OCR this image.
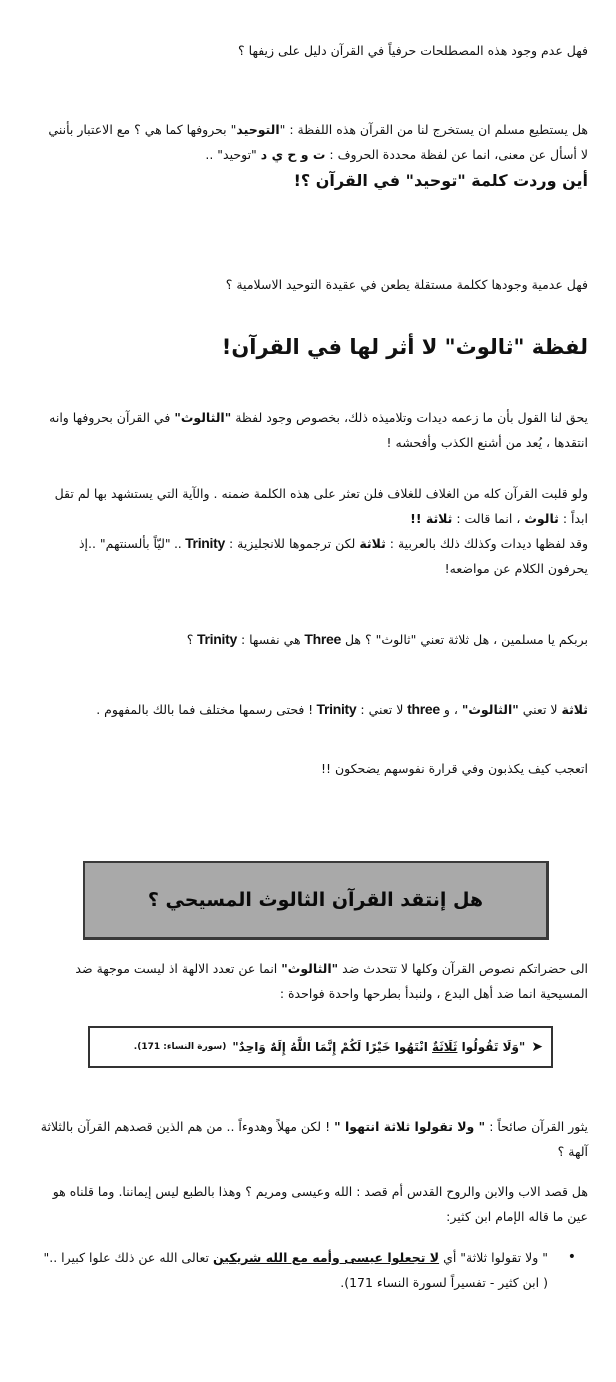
فهل عدم وجود هذه المصطلحات حرفياً في القرآن دليل على زيفها ؟
هل يستطيع مسلم ان يستخرج لنا من القرآن هذه اللفظة : "التوحيد" بحروفها كما هي ؟ مع الاعتبار بأنني لا أسأل عن معنى، انما عن لفظة محددة الحروف : ت و ح ي د "توحيد" ..
أين وردت كلمة "توحيد" في القرآن ؟!
فهل عدمية وجودها ككلمة مستقلة يطعن في عقيدة التوحيد الاسلامية ؟
لفظة "ثالوث" لا أثر لها في القرآن!
يحق لنا القول بأن ما زعمه ديدات وتلاميذه ذلك، بخصوص وجود لفظة "الثالوث" في القرآن بحروفها وانه انتقدها ، يُعد من أشنع الكذب وأفحشه !
ولو قلبت القرآن كله من الغلاف للغلاف فلن تعثر على هذه الكلمة ضمنه . والآية التي يستشهد بها لم تقل ابداً : ثالوث ، انما قالت : ثلاثة !!
وقد لفظها ديدات وكذلك ذلك بالعربية : ثلاثة لكن ترجموها للانجليزية : Trinity .. "ليّاً بألسنتهم" ..إذ يحرفون الكلام عن مواضعه!
بربكم يا مسلمين ، هل ثلاثة تعني "ثالوث" ؟ هل Three هي نفسها : Trinity ؟
ثلاثة لا تعني "الثالوث" ، و three لا تعني : Trinity ! فحتى رسمها مختلف فما بالك بالمفهوم .
اتعجب كيف يكذبون وفي قرارة نفوسهم يضحكون !!
هل إنتقد القرآن الثالوث المسيحي ؟
الى حضراتكم نصوص القرآن وكلها لا تتحدث ضد "الثالوث" انما عن تعدد الالهة اذ ليست موجهة ضد المسيحية انما ضد أهل البدع ، ولنبدأ بطرحها واحدة فواحدة :
➤
"وَلَا تَقُولُوا ثَلَاثَةٌ انْتَهُوا خَيْرًا لَكُمْ إِنَّمَا اللَّهُ إِلَهٌ وَاحِدٌ"
(سورة النساء: 171).
يثور القرآن صائحاً : " ولا تقولوا ثلاثة انتهوا " ! لكن مهلاً وهدوءاً .. من هم الذين قصدهم القرآن بالثلاثة آلهة ؟
هل قصد الاب والابن والروح القدس أم قصد : الله وعيسى ومريم ؟ وهذا بالطبع ليس إيماننا. وما قلناه هو عين ما قاله الإمام ابن كثير:
•
" ولا تقولوا ثلاثة" أي لا تجعلوا عيسى وأمه مع الله شريكين تعالى الله عن ذلك علوا كبيرا .." ( ابن كثير - تفسيراً لسورة النساء 171).
